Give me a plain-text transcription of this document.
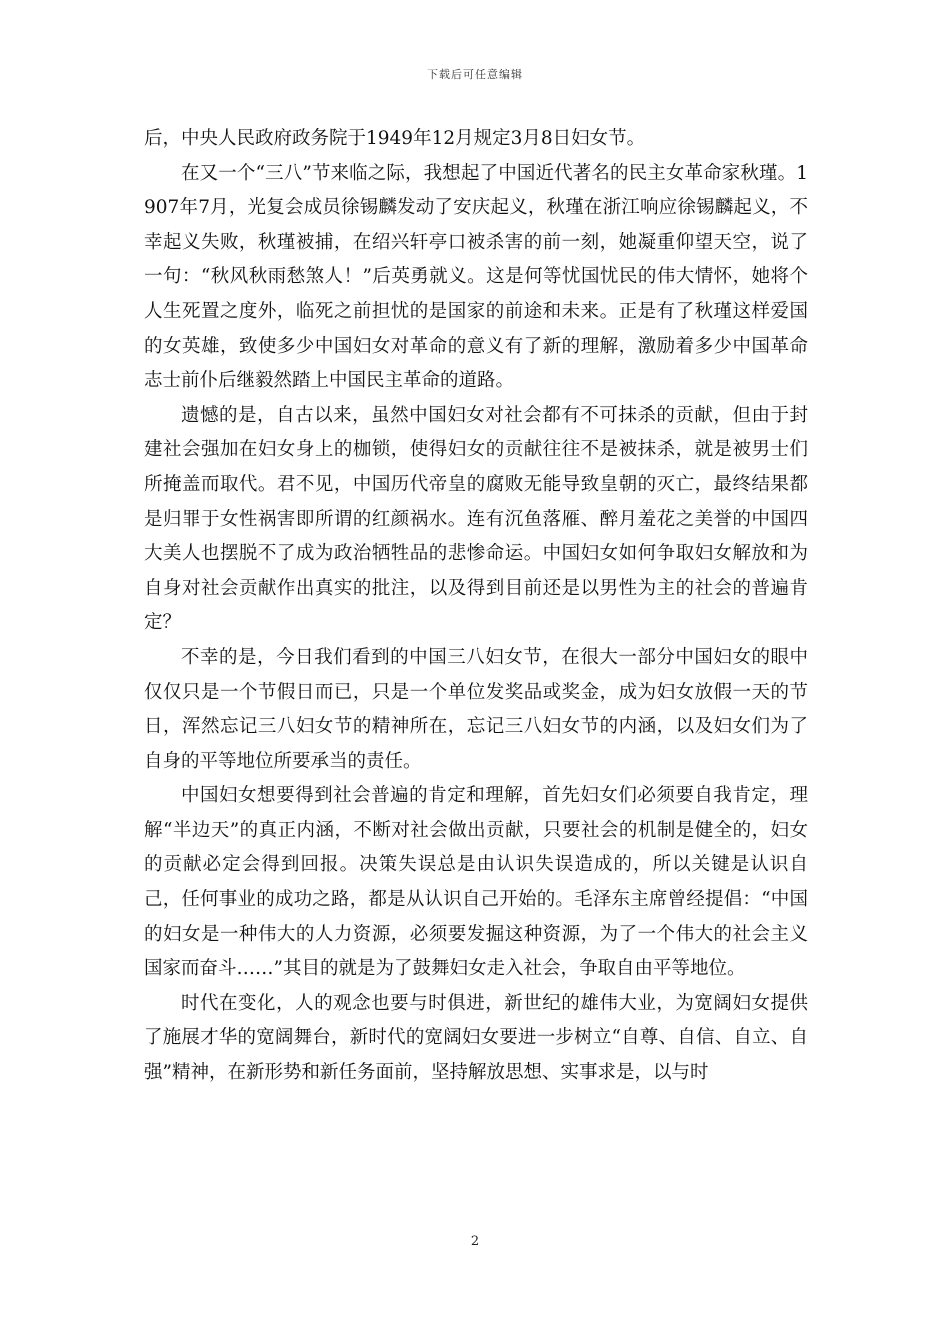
下载后可任意编辑

后，中央人民政府政务院于1949年12月规定3月8日妇女节。

在又一个“三八”节来临之际，我想起了中国近代著名的民主女革命家秋瑾。1907年7月，光复会成员徐锡麟发动了安庆起义，秋瑾在浙江响应徐锡麟起义，不幸起义失败，秋瑾被捕，在绍兴轩亭口被杀害的前一刻，她凝重仰望天空，说了一句：“秋风秋雨愁煞人！”后英勇就义。这是何等忧国忧民的伟大情怀，她将个人生死置之度外，临死之前担忧的是国家的前途和未来。正是有了秋瑾这样爱国的女英雄，致使多少中国妇女对革命的意义有了新的理解，激励着多少中国革命志士前仆后继毅然踏上中国民主革命的道路。

遗憾的是，自古以来，虽然中国妇女对社会都有不可抹杀的贡献，但由于封建社会强加在妇女身上的枷锁，使得妇女的贡献往往不是被抹杀，就是被男士们所掩盖而取代。君不见，中国历代帝皇的腐败无能导致皇朝的灭亡，最终结果都是归罪于女性祸害即所谓的红颜祸水。连有沉鱼落雁、醉月羞花之美誉的中国四大美人也摆脱不了成为政治牺牲品的悲惨命运。中国妇女如何争取妇女解放和为自身对社会贡献作出真实的批注，以及得到目前还是以男性为主的社会的普遍肯定？

不幸的是，今日我们看到的中国三八妇女节，在很大一部分中国妇女的眼中仅仅只是一个节假日而已，只是一个单位发奖品或奖金，成为妇女放假一天的节日，浑然忘记三八妇女节的精神所在，忘记三八妇女节的内涵，以及妇女们为了自身的平等地位所要承当的责任。

中国妇女想要得到社会普遍的肯定和理解，首先妇女们必须要自我肯定，理解“半边天”的真正内涵，不断对社会做出贡献，只要社会的机制是健全的，妇女的贡献必定会得到回报。决策失误总是由认识失误造成的，所以关键是认识自己，任何事业的成功之路，都是从认识自己开始的。毛泽东主席曾经提倡：“中国的妇女是一种伟大的人力资源，必须要发掘这种资源，为了一个伟大的社会主义国家而奋斗……”其目的就是为了鼓舞妇女走入社会，争取自由平等地位。

时代在变化，人的观念也要与时俱进，新世纪的雄伟大业，为宽阔妇女提供了施展才华的宽阔舞台，新时代的宽阔妇女要进一步树立“自尊、自信、自立、自强”精神，在新形势和新任务面前，坚持解放思想、实事求是，以与时

2
